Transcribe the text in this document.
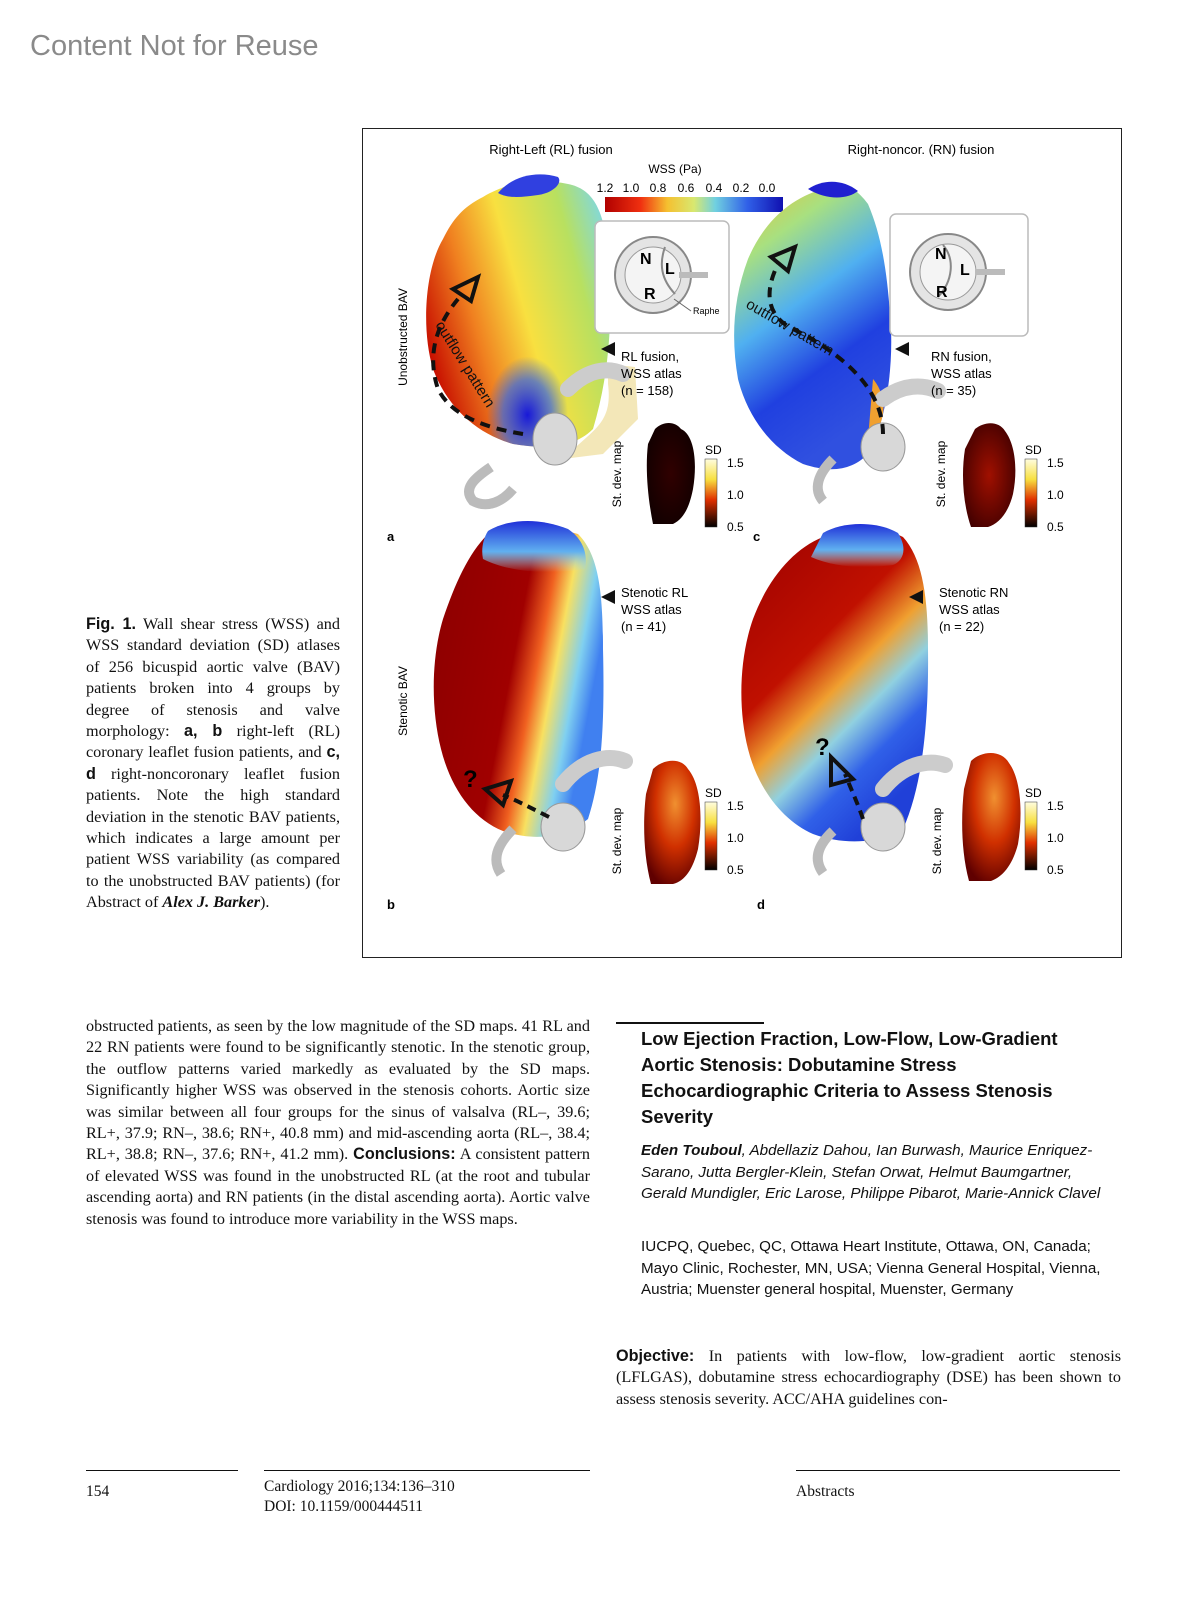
Content Not for Reuse
Right-Left (RL) fusion	Right-noncor. (RN) fusion
WSS (Pa)
1.2 1.0 0.8 0.6 0.4 0.2 0.0
Unobstructed BAV
Stenotic BAV
outflow pattern
N
L
R
Raphe
RL fusion, WSS atlas (n = 158)
St. dev. map	SD
1.5
1.0
0.5
a
outflow pattern
N
L
R
RN fusion, WSS atlas (n = 35)
St. dev. map	SD
1.5
1.0
0.5
c
?
Stenotic RL WSS atlas (n = 41)
St. dev. map
SD
1.5
1.0
0.5
b
?
Stenotic RN WSS atlas (n = 22)
St. dev. map
SD
1.5
1.0
0.5
d
Fig. 1. Wall shear stress (WSS) and WSS standard deviation (SD) atlases of 256 bicuspid aortic valve (BAV) patients broken into 4 groups by degree of stenosis and valve morphology: a, b right-left (RL) coronary leaflet fusion patients, and c, d right-noncoronary leaflet fusion patients. Note the high standard deviation in the stenotic BAV patients, which indicates a large amount per patient WSS variability (as compared to the unobstructed BAV patients) (for Abstract of Alex J. Barker).
obstructed patients, as seen by the low magnitude of the SD maps. 41 RL and 22 RN patients were found to be significantly stenotic. In the stenotic group, the outflow patterns varied markedly as evaluated by the SD maps. Significantly higher WSS was observed in the stenosis cohorts. Aortic size was similar between all four groups for the sinus of valsalva (RL–, 39.6; RL+, 37.9; RN–, 38.6; RN+, 40.8 mm) and mid-ascending aorta (RL–, 38.4; RL+, 38.8; RN–, 37.6; RN+, 41.2 mm). Conclusions: A consistent pattern of elevated WSS was found in the unobstructed RL (at the root and tubular ascending aorta) and RN patients (in the distal ascending aorta). Aortic valve stenosis was found to introduce more variability in the WSS maps.
Low Ejection Fraction, Low-Flow, Low-Gradient Aortic Stenosis: Dobutamine Stress Echocardiographic Criteria to Assess Stenosis Severity
Eden Touboul, Abdellaziz Dahou, Ian Burwash, Maurice Enriquez-Sarano, Jutta Bergler-Klein, Stefan Orwat, Helmut Baumgartner, Gerald Mundigler, Eric Larose, Philippe Pibarot, Marie-Annick Clavel
IUCPQ, Quebec, QC, Ottawa Heart Institute, Ottawa, ON, Canada; Mayo Clinic, Rochester, MN, USA; Vienna General Hospital, Vienna, Austria; Muenster general hospital, Muenster, Germany
Objective: In patients with low-flow, low-gradient aortic stenosis (LFLGAS), dobutamine stress echocardiography (DSE) has been shown to assess stenosis severity. ACC/AHA guidelines con-
154	Cardiology 2016;134:136–310
DOI: 10.1159/000444511
Abstracts
